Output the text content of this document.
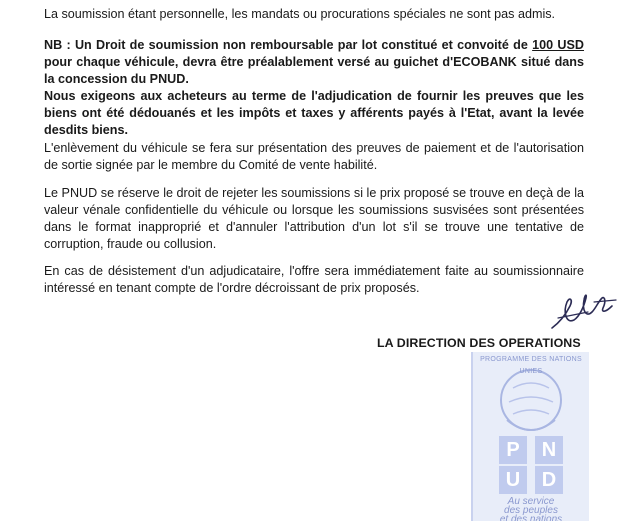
La soumission étant personnelle, les mandats ou procurations spéciales ne sont pas admis.

NB : Un Droit de soumission non remboursable par lot constitué et convoité de 100 USD
pour chaque véhicule, devra être préalablement versé au guichet d'ECOBANK situé dans
la concession du PNUD.
Nous exigeons aux acheteurs au terme de l'adjudication de fournir les preuves que les
biens ont été dédouanés et les impôts et taxes y afférents payés à l'Etat, avant la levée
desdits biens.

L'enlèvement du véhicule se fera sur présentation des preuves de paiement et de l'autorisation
de sortie signée par le membre du Comité de vente habilité.

Le PNUD se réserve le droit de rejeter les soumissions si le prix proposé se trouve en deçà de la
valeur vénale confidentielle du véhicule ou lorsque les soumissions susvisées sont présentées
dans le format inapproprié et d'annuler l'attribution d'un lot s'il se trouve une tentative de
corruption, fraude ou collusion.

En cas de désistement d'un adjudicataire, l'offre sera immédiatement faite au soumissionnaire
intéressé en tenant compte de l'ordre décroissant de prix proposés.

LA DIRECTION DES OPERATIONS
PROGRAMME DES NATIONS UNIES
P	N
U	D
Au service
des peuples
et des nations
